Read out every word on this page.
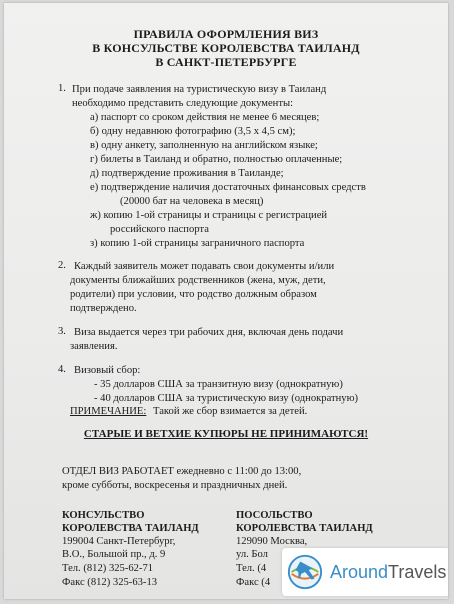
ПРАВИЛА ОФОРМЛЕНИЯ ВИЗ
В КОНСУЛЬСТВЕ КОРОЛЕВСТВА ТАИЛАНД
В САНКТ-ПЕТЕРБУРГЕ
1. При подаче заявления на туристическую визу в Таиланд
необходимо представить следующие документы:
а) паспорт со сроком действия не менее 6 месяцев;
б) одну недавнюю фотографию (3,5 х 4,5 см);
в) одну анкету, заполненную на английском языке;
г) билеты в Таиланд и обратно, полностью оплаченные;
д) подтверждение проживания в Таиланде;
е) подтверждение наличия достаточных финансовых средств
(20000 бат на человека в месяц)
ж) копию 1-ой страницы и страницы с регистрацией
российского паспорта
з) копию 1-ой страницы заграничного паспорта
2. Каждый заявитель может подавать свои документы и/или
документы ближайших родственников (жена, муж, дети,
родители) при условии, что родство должным образом
подтверждено.
3. Виза выдается через три рабочих дня, включая день подачи
заявления.
4. Визовый сбор:
- 35 долларов США за транзитную визу (однократную)
- 40 долларов США за туристическую визу (однократную)
ПРИМЕЧАНИЕ: Такой же сбор взимается за детей.
СТАРЫЕ И ВЕТХИЕ КУПЮРЫ НЕ ПРИНИМАЮТСЯ!
ОТДЕЛ ВИЗ РАБОТАЕТ ежедневно с 11:00 до 13:00,
кроме субботы, воскресенья и праздничных дней.
КОНСУЛЬСТВО
КОРОЛЕВСТВА ТАИЛАНД
199004 Санкт-Петербург,
В.О., Большой пр., д. 9
Тел. (812) 325-62-71
Факс (812) 325-63-13
ПОСОЛЬСТВО
КОРОЛЕВСТВА ТАИЛАНД
129090 Москва,
ул. Бол
Тел. (4
Факс (4
AroundTravels
